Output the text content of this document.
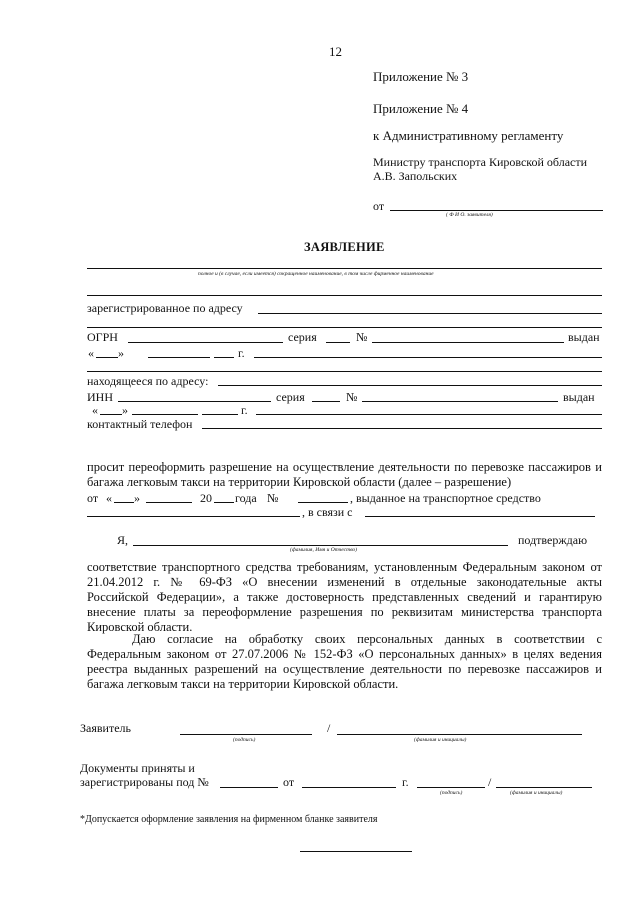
12
Приложение № 3
Приложение № 4
к Административному регламенту
Министру транспорта Кировской области
А.В. Запольских
от
( Ф И О. заявителя)
ЗАЯВЛЕНИЕ
полное и (в случае, если имеется) сокращенное наименование, в том числе фирменное наименование
зарегистрированное по адресу
ОГРН	серия	№	выдан
« »	г.
находящееся по адресу:
ИНН	серия	№	выдан
« »	г.
контактный телефон
просит переоформить разрешение на осуществление деятельности по перевозке пассажиров и
багажа легковым такси на территории Кировской области (далее – разрешение)
от « »	20 года №	, выданное на транспортное средство
, в связи с
Я,	подтверждаю
(фамилия, Имя и Отчество)
соответствие транспортного средства требованиям, установленным Федеральным законом от
21.04.2012 г. № 69-ФЗ «О внесении изменений в отдельные законодательные акты
Российской Федерации», а также достоверность представленных сведений и гарантирую
внесение платы за переоформление разрешения по реквизитам министерства транспорта
Кировской области.
Даю согласие на обработку своих персональных данных в соответствии с
Федеральным законом от 27.07.2006 № 152-ФЗ «О персональных данных» в целях ведения
реестра выданных разрешений на осуществление деятельности по перевозке пассажиров и
багажа легковым такси на территории Кировской области.
Заявитель	/
(подпись)	(фамилия и инициалы)
Документы приняты и
зарегистрированы под №	от	г.	/
(подпись)	(фамилия и инициалы)
*Допускается оформление заявления на фирменном бланке заявителя
